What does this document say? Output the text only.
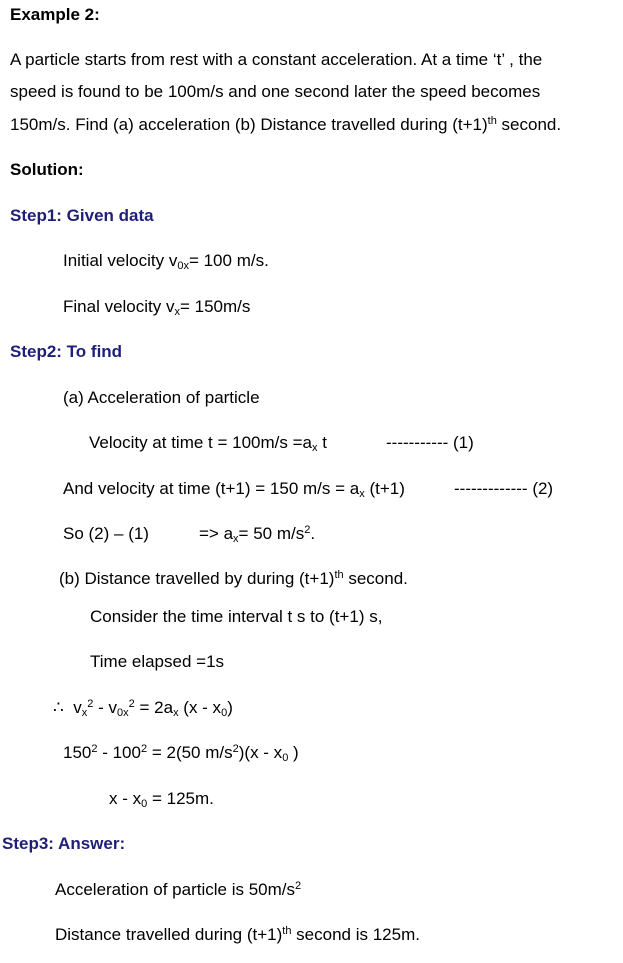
Example 2:
A particle starts from rest with a constant acceleration. At a time ‘t’ , the
speed is found to be 100m/s and one second later the speed becomes
150m/s. Find (a) acceleration (b) Distance travelled during $(t+1)^{th}$ second.
Solution:
Step1: Given data
Initial velocity $v_{0x}= 100$ m/s.
Final velocity $v_x= 150m/s$
Step2: To find
(a) Acceleration of particle
Velocity at time $t = 100m/s =a_x$ t	----------- (1)
And velocity at time (t+1) = 150 $m/s = a_x$ (t+1)	------------- (2)
So (2) – (1)	=> $a_x= 50$ $m/s^2$.
(b) Distance travelled by during $(t+1)^{th}$ second.
Consider the time interval t s to (t+1) s,
Time elapsed =1s
∴ $v_x^2 - v_{0x}^2 = 2a_x$ $(x - x_0)$
$150^2 - 100^2 = 2(50$ $m/s^2)(x - x_0$ )
$x - x_0 = 125m$.
Step3: Answer:
Acceleration of particle is $50m/s^2$
Distance travelled during $(t+1)^{th}$ second is 125m.
